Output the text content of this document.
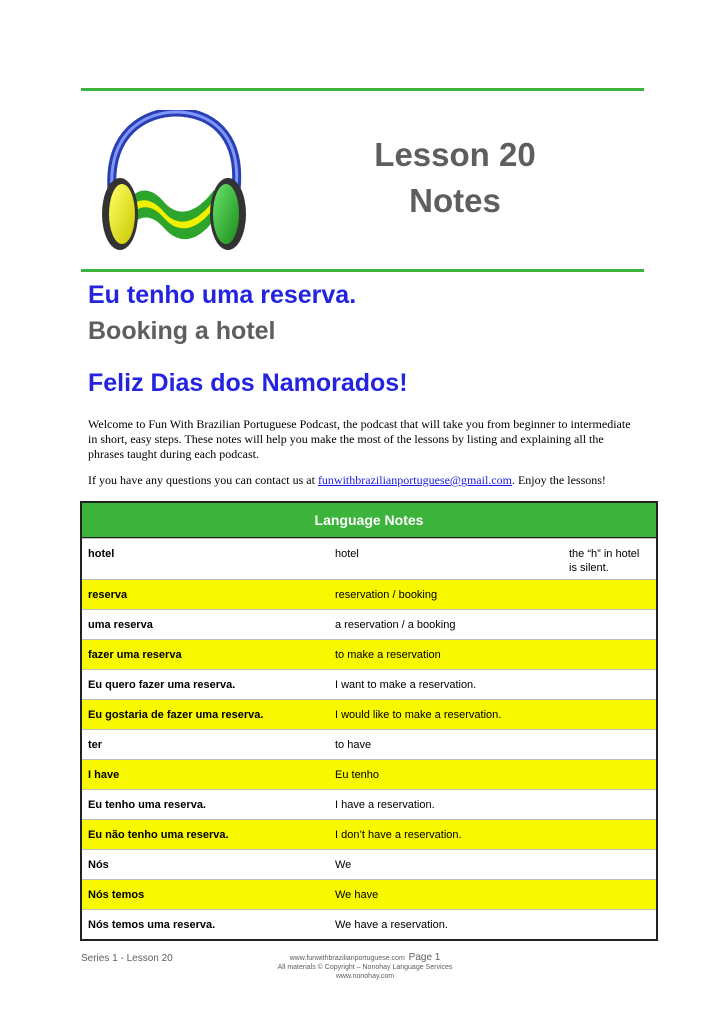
Lesson 20
Notes
Eu tenho uma reserva.
Booking a hotel
Feliz Dias dos Namorados!
Welcome to Fun With Brazilian Portuguese Podcast, the podcast that will take you from beginner to intermediate in short, easy steps. These notes will help you make the most of the lessons by listing and explaining all the phrases taught during each podcast.
If you have any questions you can contact us at funwithbrazilianportuguese@gmail.com. Enjoy the lessons!
Language Notes
hotel	hotel	the “h” in hotel is silent.
reserva	reservation / booking
uma reserva	a reservation / a booking
fazer uma reserva	to make a reservation
Eu quero fazer uma reserva.	I want to make a reservation.
Eu gostaria de fazer uma reserva.	I would like to make a reservation.
ter	to have
I have	Eu tenho
Eu tenho uma reserva.	I have a reservation.
Eu não tenho uma reserva.	I don’t have a reservation.
Nós	We
Nós temos	We have
Nós temos uma reserva.	We have a reservation.
Series 1 - Lesson 20	www.funwithbrazilianportuguese.com Page 1
All materials © Copyright – Nonohay Language Services
www.nonohay.com
